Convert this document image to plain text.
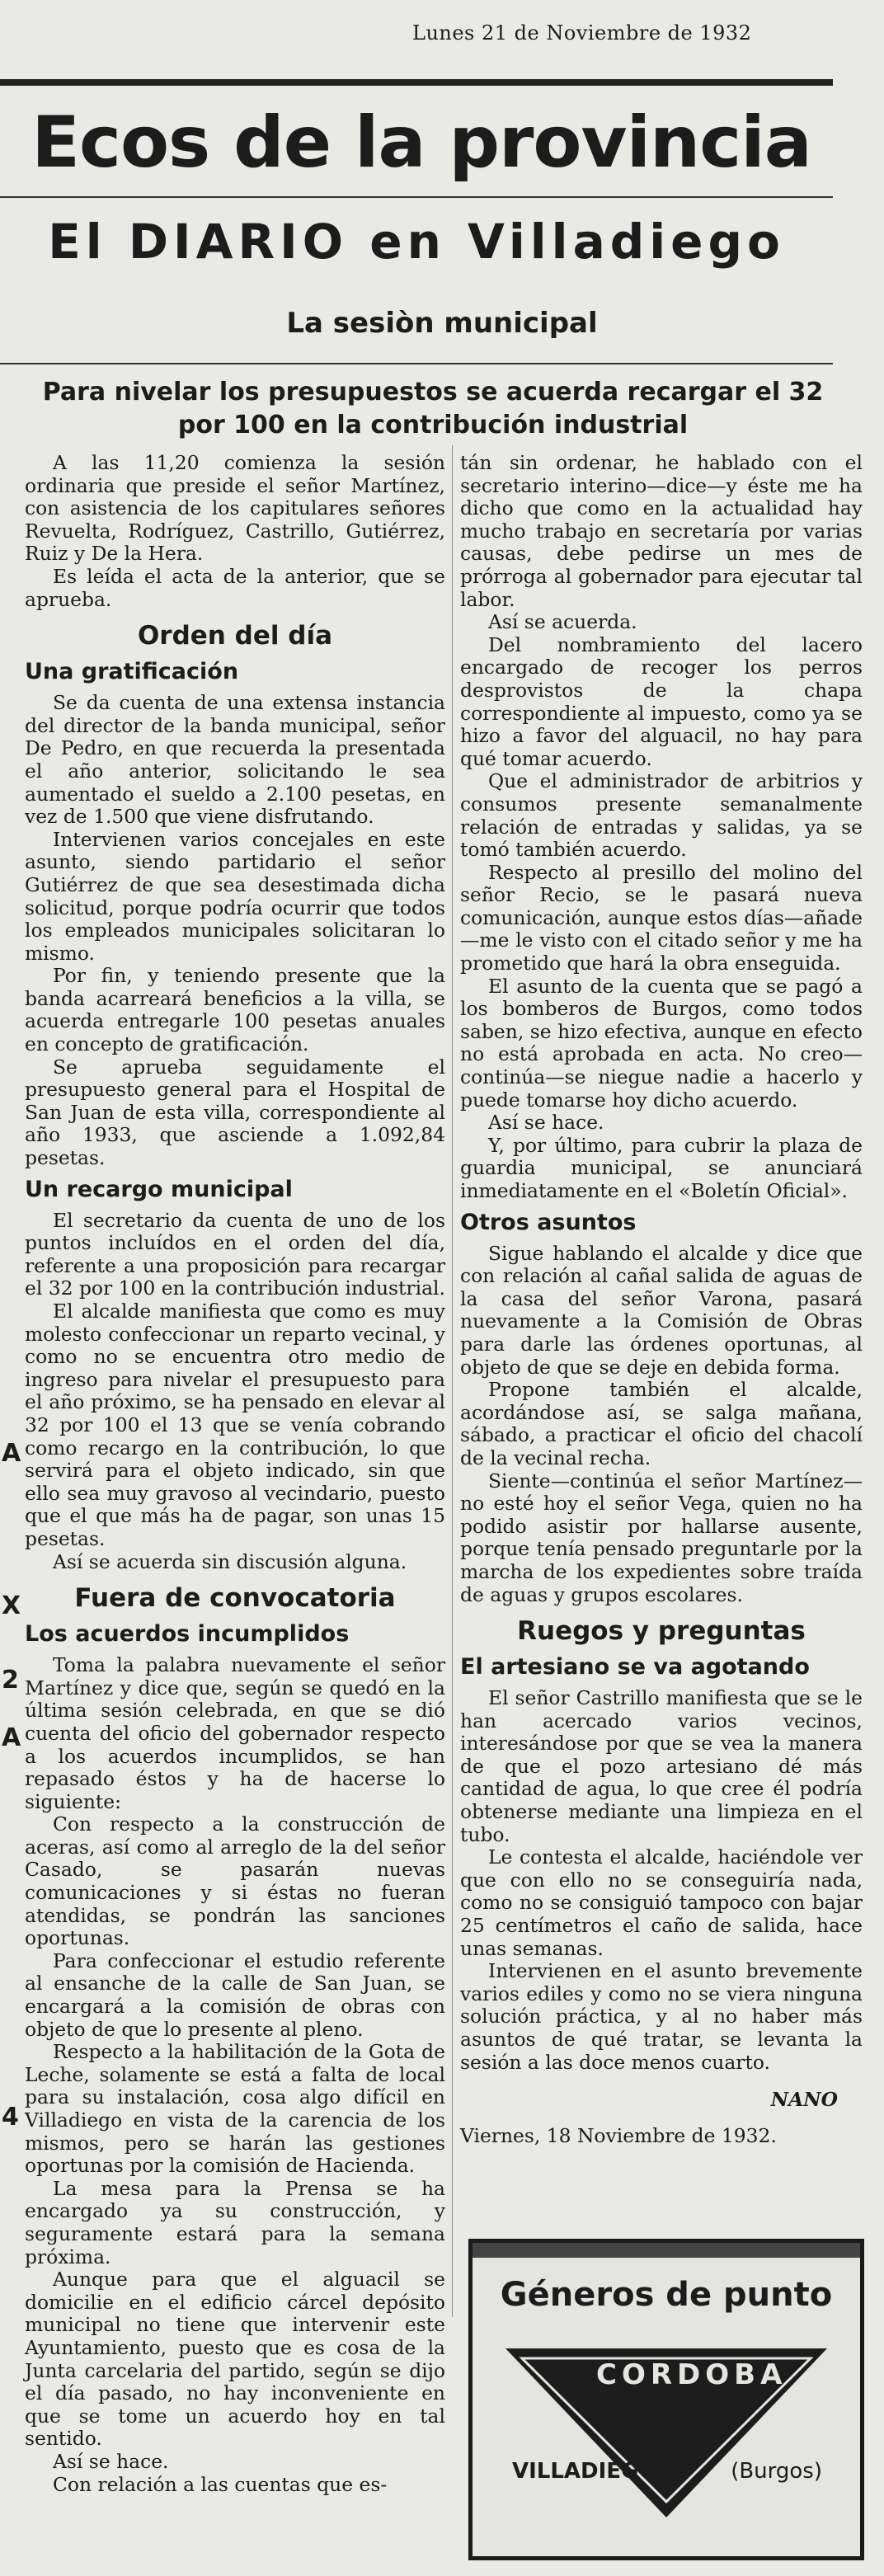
Lunes 21 de Noviembre de 1932
Ecos de la provincia
El DIARIO en Villadiego
La sesiòn municipal
Para nivelar los presupuestos se acuerda recargar el 32 por 100 en la contribución industrial
A
X
2
A
4

A las 11,20 comienza la sesión ordinaria que preside el señor Martínez, con asistencia de los capitulares señores Revuelta, Rodríguez, Castrillo, Gutiérrez, Ruiz y De la Hera.

Es leída el acta de la anterior, que se aprueba.

Orden del día
Una gratificación

Se da cuenta de una extensa instancia del director de la banda municipal, señor De Pedro, en que recuerda la presentada el año anterior, solicitando le sea aumentado el sueldo a 2.100 pesetas, en vez de 1.500 que viene disfrutando.

Intervienen varios concejales en este asunto, siendo partidario el señor Gutiérrez de que sea desestimada dicha solicitud, porque podría ocurrir que todos los empleados municipales solicitaran lo mismo.

Por fin, y teniendo presente que la banda acarreará beneficios a la villa, se acuerda entregarle 100 pesetas anuales en concepto de gratificación.

Se aprueba seguidamente el presupuesto general para el Hospital de San Juan de esta villa, correspondiente al año 1933, que asciende a 1.092,84 pesetas.

Un recargo municipal

El secretario da cuenta de uno de los puntos incluídos en el orden del día, referente a una proposición para recargar el 32 por 100 en la contribución industrial.

El alcalde manifiesta que como es muy molesto confeccionar un reparto vecinal, y como no se encuentra otro medio de ingreso para nivelar el presupuesto para el año próximo, se ha pensado en elevar al 32 por 100 el 13 que se venía cobrando como recargo en la contribución, lo que servirá para el objeto indicado, sin que ello sea muy gravoso al vecindario, puesto que el que más ha de pagar, son unas 15 pesetas.

Así se acuerda sin discusión alguna.

Fuera de convocatoria
Los acuerdos incumplidos

Toma la palabra nuevamente el señor Martínez y dice que, según se quedó en la última sesión celebrada, en que se dió cuenta del oficio del gobernador respecto a los acuerdos incumplidos, se han repasado éstos y ha de hacerse lo siguiente:

Con respecto a la construcción de aceras, así como al arreglo de la del señor Casado, se pasarán nuevas comunicaciones y si éstas no fueran atendidas, se pondrán las sanciones oportunas.

Para confeccionar el estudio referente al ensanche de la calle de San Juan, se encargará a la comisión de obras con objeto de que lo presente al pleno.

Respecto a la habilitación de la Gota de Leche, solamente se está a falta de local para su instalación, cosa algo difícil en Villadiego en vista de la carencia de los mismos, pero se harán las gestiones oportunas por la comisión de Hacienda.

La mesa para la Prensa se ha encargado ya su construcción, y seguramente estará para la semana próxima.

Aunque para que el alguacil se domicilie en el edificio cárcel depósito municipal no tiene que intervenir este Ayuntamiento, puesto que es cosa de la Junta carcelaria del partido, según se dijo el día pasado, no hay inconveniente en que se tome un acuerdo hoy en tal sentido.

Así se hace.

Con relación a las cuentas que es-

tán sin ordenar, he hablado con el secretario interino—dice—y éste me ha dicho que como en la actualidad hay mucho trabajo en secretaría por varias causas, debe pedirse un mes de prórroga al gobernador para ejecutar tal labor.

Así se acuerda.

Del nombramiento del lacero encargado de recoger los perros desprovistos de la chapa correspondiente al impuesto, como ya se hizo a favor del alguacil, no hay para qué tomar acuerdo.

Que el administrador de arbitrios y consumos presente semanalmente relación de entradas y salidas, ya se tomó también acuerdo.

Respecto al presillo del molino del señor Recio, se le pasará nueva comunicación, aunque estos días—añade—me le visto con el citado señor y me ha prometido que hará la obra enseguida.

El asunto de la cuenta que se pagó a los bomberos de Burgos, como todos saben, se hizo efectiva, aunque en efecto no está aprobada en acta. No creo—continúa—se niegue nadie a hacerlo y puede tomarse hoy dicho acuerdo.

Así se hace.

Y, por último, para cubrir la plaza de guardia municipal, se anunciará inmediatamente en el «Boletín Oficial».

Otros asuntos

Sigue hablando el alcalde y dice que con relación al cañal salida de aguas de la casa del señor Varona, pasará nuevamente a la Comisión de Obras para darle las órdenes oportunas, al objeto de que se deje en debida forma.

Propone también el alcalde, acordándose así, se salga mañana, sábado, a practicar el oficio del chacolí de la vecinal recha.

Siente—continúa el señor Martínez—no esté hoy el señor Vega, quien no ha podido asistir por hallarse ausente, porque tenía pensado preguntarle por la marcha de los expedientes sobre traída de aguas y grupos escolares.

Ruegos y preguntas
El artesiano se va agotando

El señor Castrillo manifiesta que se le han acercado varios vecinos, interesándose por que se vea la manera de que el pozo artesiano dé más cantidad de agua, lo que cree él podría obtenerse mediante una limpieza en el tubo.

Le contesta el alcalde, haciéndole ver que con ello no se conseguiría nada, como no se consiguió tampoco con bajar 25 centímetros el caño de salida, hace unas semanas.

Intervienen en el asunto brevemente varios ediles y como no se viera ninguna solución práctica, y al no haber más asuntos de qué tratar, se levanta la sesión a las doce menos cuarto.

NANO
Viernes, 18 Noviembre de 1932.
Géneros de punto
CORDOBA
VILLADIEGO	(Burgos)
